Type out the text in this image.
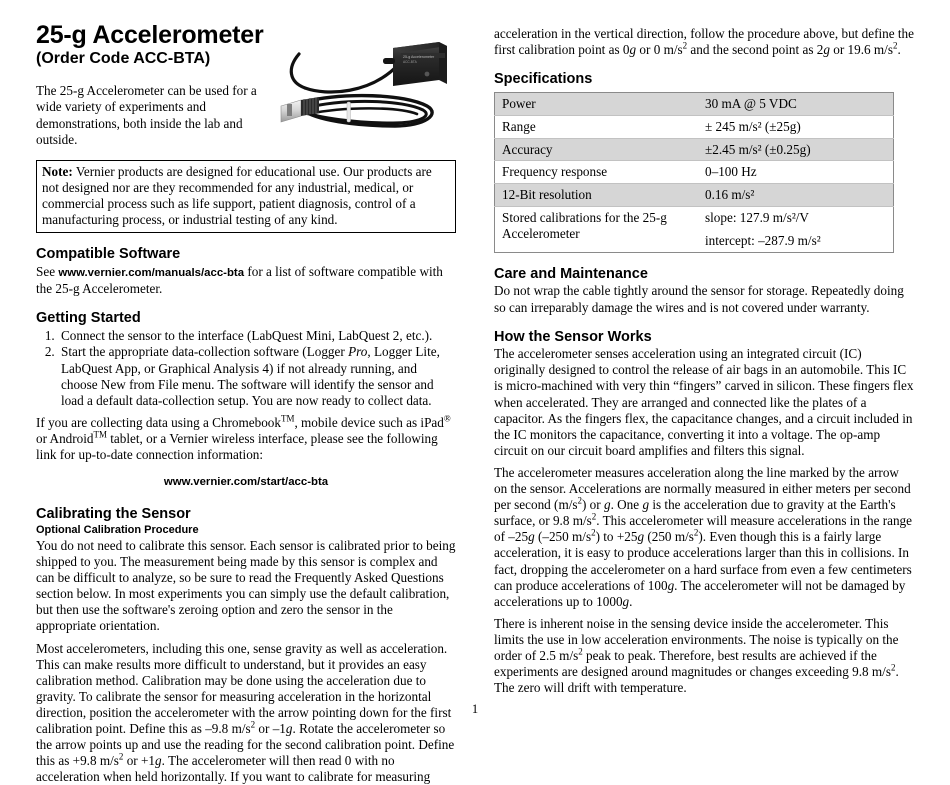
25-g Accelerometer
(Order Code ACC-BTA)	25-g Accelerometer
ACC-BTA

The 25-g Accelerometer can be used for a wide variety of experiments and demonstrations, both inside the lab and outside.

Note: Vernier products are designed for educational use. Our products are not designed nor are they recommended for any industrial, medical, or commercial process such as life support, patient diagnosis, control of a manufacturing process, or industrial testing of any kind.
Compatible Software

See www.vernier.com/manuals/acc-bta for a list of software compatible with the 25-g Accelerometer.

Getting Started
1. Connect the sensor to the interface (LabQuest Mini, LabQuest 2, etc.).
2. Start the appropriate data-collection software (Logger Pro, Logger Lite, LabQuest App, or Graphical Analysis 4) if not already running, and choose New from File menu. The software will identify the sensor and load a default data-collection setup. You are now ready to collect data.

If you are collecting data using a Chromebook™, mobile device such as iPad® or Android™ tablet, or a Vernier wireless interface, please see the following link for up-to-date connection information:

www.vernier.com/start/acc-bta

Calibrating the Sensor
Optional Calibration Procedure

You do not need to calibrate this sensor. Each sensor is calibrated prior to being shipped to you. The measurement being made by this sensor is complex and can be difficult to analyze, so be sure to read the Frequently Asked Questions section below. In most experiments you can simply use the default calibration, but then use the software's zeroing option and zero the sensor in the appropriate orientation.

Most accelerometers, including this one, sense gravity as well as acceleration. This can make results more difficult to understand, but it provides an easy calibration method. Calibration may be done using the acceleration due to gravity. To calibrate the sensor for measuring acceleration in the horizontal direction, position the accelerometer with the arrow pointing down for the first calibration point. Define this as –9.8 $m/s^2$ or –1g. Rotate the accelerometer so the arrow points up and use the reading for the second calibration point. Define this as +9.8 $m/s^2$ or +1g. The accelerometer will then read 0 with no acceleration when held horizontally. If you want to calibrate for measuring

acceleration in the vertical direction, follow the procedure above, but define the first calibration point as 0g or 0 $m/s^2$ and the second point as 2g or 19.6 $m/s^2$.

Specifications
Power	30 mA @ 5 VDC
Range	± 245 m/s² (±25g)
Accuracy	±2.45 m/s² (±0.25g)
Frequency response	0–100 Hz
12-Bit resolution	0.16 m/s²
Stored calibrations for the 25-g Accelerometer	slope: 127.9 m/s²/V
intercept: –287.9 m/s²
Care and Maintenance

Do not wrap the cable tightly around the sensor for storage. Repeatedly doing so can irreparably damage the wires and is not covered under warranty.

How the Sensor Works

The accelerometer senses acceleration using an integrated circuit (IC) originally designed to control the release of air bags in an automobile. This IC is micro-machined with very thin “fingers” carved in silicon. These fingers flex when accelerated. They are arranged and connected like the plates of a capacitor. As the fingers flex, the capacitance changes, and a circuit included in the IC monitors the capacitance, converting it into a voltage. The op-amp circuit on our circuit board amplifies and filters this signal.

The accelerometer measures acceleration along the line marked by the arrow on the sensor. Accelerations are normally measured in either meters per second per second $(m/s^2)$ or g. One g is the acceleration due to gravity at the Earth's surface, or 9.8 $m/s^2$. This accelerometer will measure accelerations in the range of –25g (–250 $m/s^2$) to +25g (250 $m/s^2$). Even though this is a fairly large acceleration, it is easy to produce accelerations larger than this in collisions. In fact, dropping the accelerometer on a hard surface from even a few centimeters can produce accelerations of 100g. The accelerometer will not be damaged by accelerations up to 1000g.

There is inherent noise in the sensing device inside the accelerometer. This limits the use in low acceleration environments. The noise is typically on the order of 2.5 $m/s^2$ peak to peak. Therefore, best results are achieved if the experiments are designed around magnitudes or changes exceeding 9.8 $m/s^2$. The zero will drift with temperature.

1
